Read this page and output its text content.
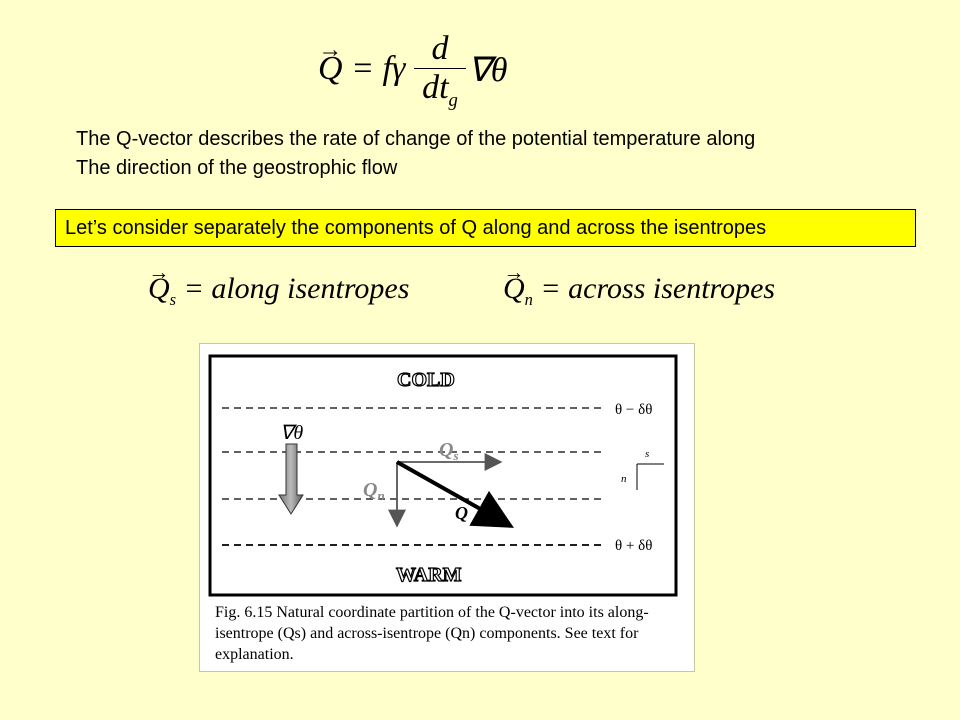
→ Q = fγ
d
$dt_g$
∇θ
The Q-vector describes the rate of change of the potential temperature along
The direction of the geostrophic flow
Let’s consider separately the components of Q along and across the isentropes
→ $Q_s$ = along isentropes
→	$Q_n$ = across isentropes
COLD
WARM
θ − δθ
θ + δθ
∇θ
$Q_s$
$Q_n$
Q
s
n
Fig. 6.15 Natural coordinate partition of the Q-vector into its along-isentrope (Qs) and across-isentrope (Qn) components. See text for explanation.
